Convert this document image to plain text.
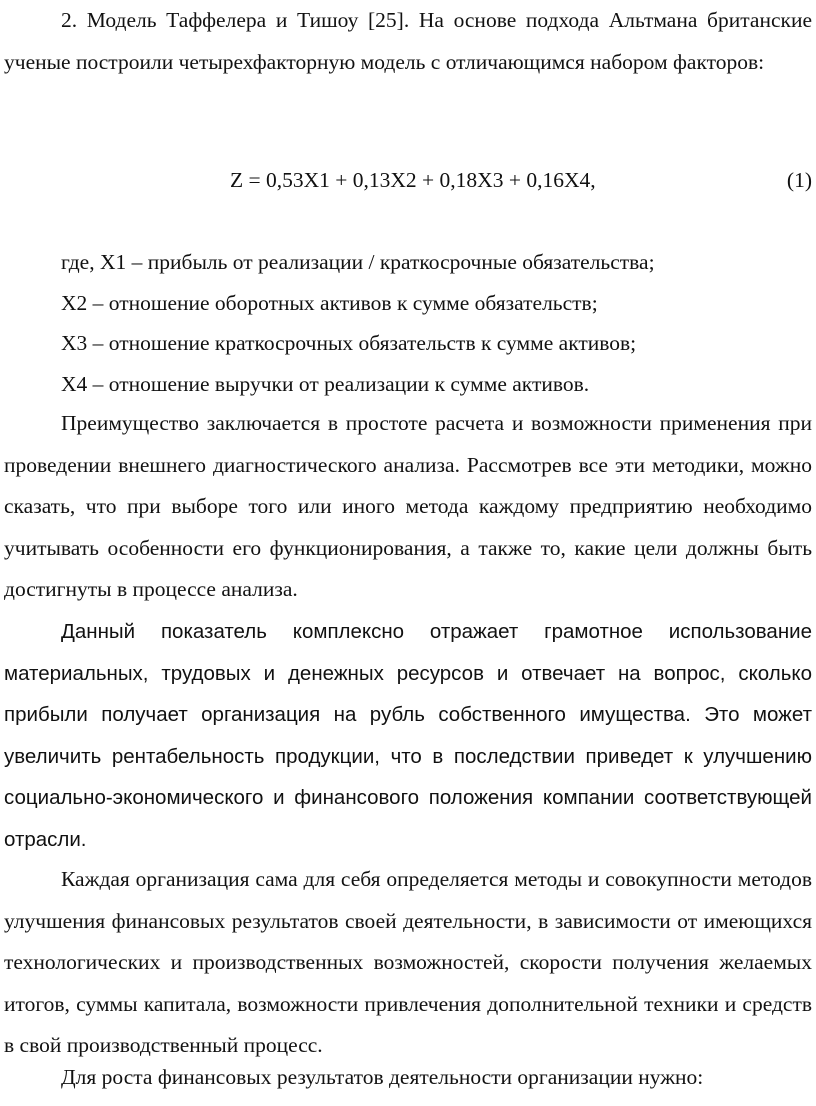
2. Модель Таффелера и Тишоу [25]. На основе подхода Альтмана британские ученые построили четырехфакторную модель с отличающимся набором факторов:

Z = 0,53X1 + 0,13X2 + 0,18X3 + 0,16X4,	(1)

где, X1 – прибыль от реализации / краткосрочные обязательства;

X2 – отношение оборотных активов к сумме обязательств;

X3 – отношение краткосрочных обязательств к сумме активов;

X4 – отношение выручки от реализации к сумме активов.

Преимущество заключается в простоте расчета и возможности применения при проведении внешнего диагностического анализа. Рассмотрев все эти методики, можно сказать, что при выборе того или иного метода каждому предприятию необходимо учитывать особенности его функционирования, а также то, какие цели должны быть достигнуты в процессе анализа.

Данный показатель комплексно отражает грамотное использование материальных, трудовых и денежных ресурсов и отвечает на вопрос, сколько прибыли получает организация на рубль собственного имущества. Это может увеличить рентабельность продукции, что в последствии приведет к улучшению социально-экономического и финансового положения компании соответствующей отрасли.

Каждая организация сама для себя определяется методы и совокупности методов улучшения финансовых результатов своей деятельности, в зависимости от имеющихся технологических и производственных возможностей, скорости получения желаемых итогов, суммы капитала, возможности привлечения дополнительной техники и средств в свой производственный процесс.

Для роста финансовых результатов деятельности организации нужно:
